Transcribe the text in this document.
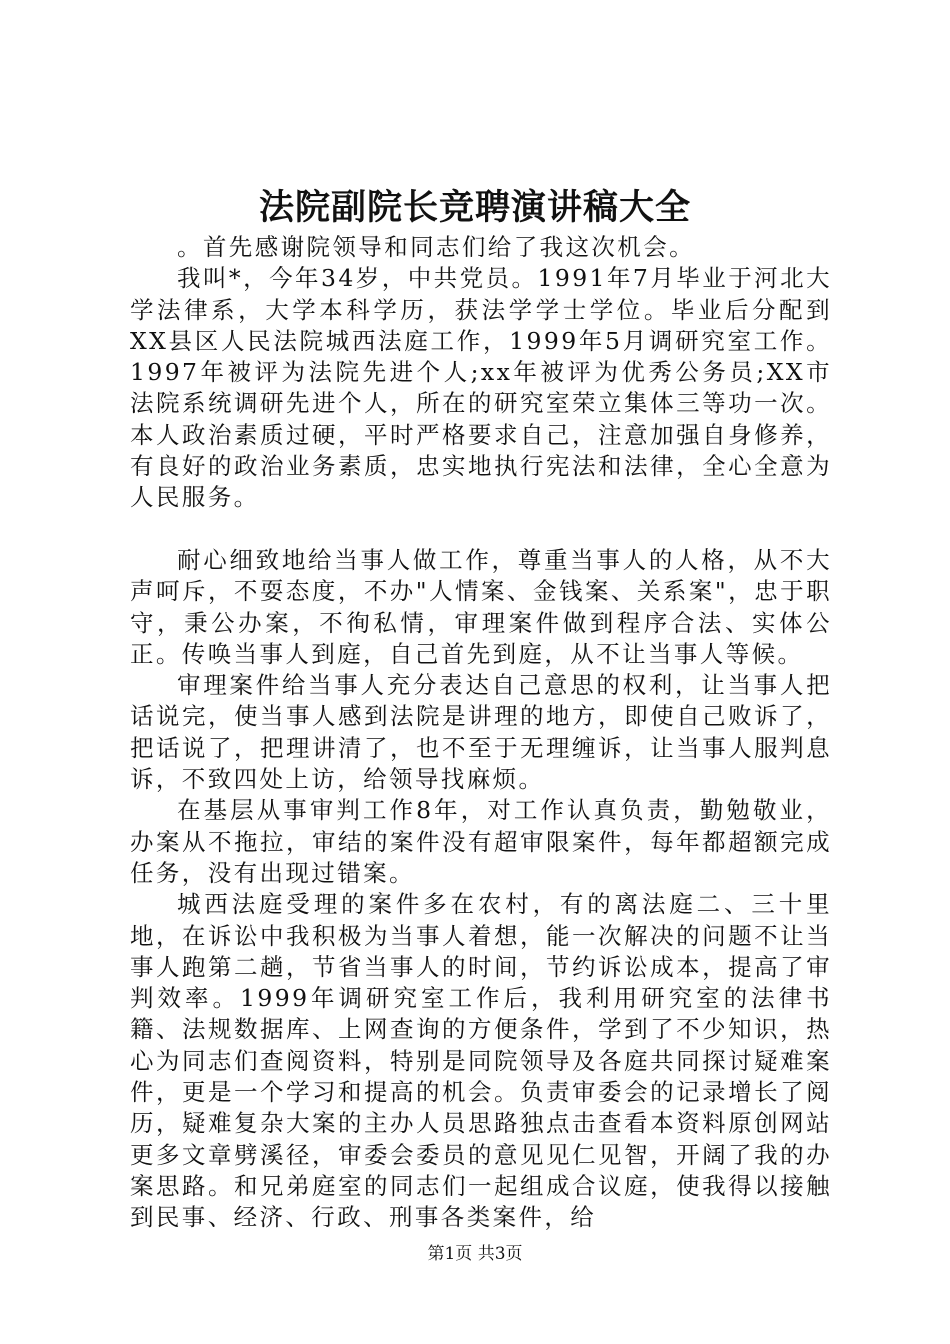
法院副院长竞聘演讲稿大全

。首先感谢院领导和同志们给了我这次机会。

我叫*，今年34岁，中共党员。1991年7月毕业于河北大学法律系，大学本科学历，获法学学士学位。毕业后分配到XX县区人民法院城西法庭工作，1999年5月调研究室工作。1997年被评为法院先进个人;xx年被评为优秀公务员;XX市法院系统调研先进个人，所在的研究室荣立集体三等功一次。本人政治素质过硬，平时严格要求自己，注意加强自身修养，有良好的政治业务素质，忠实地执行宪法和法律，全心全意为人民服务。

耐心细致地给当事人做工作，尊重当事人的人格，从不大声呵斥，不耍态度，不办"人情案、金钱案、关系案"，忠于职守，秉公办案，不徇私情，审理案件做到程序合法、实体公正。传唤当事人到庭，自己首先到庭，从不让当事人等候。

审理案件给当事人充分表达自己意思的权利，让当事人把话说完，使当事人感到法院是讲理的地方，即使自己败诉了，把话说了，把理讲清了，也不至于无理缠诉，让当事人服判息诉，不致四处上访，给领导找麻烦。

在基层从事审判工作8年，对工作认真负责，勤勉敬业，办案从不拖拉，审结的案件没有超审限案件，每年都超额完成任务，没有出现过错案。

城西法庭受理的案件多在农村，有的离法庭二、三十里地，在诉讼中我积极为当事人着想，能一次解决的问题不让当事人跑第二趟，节省当事人的时间，节约诉讼成本，提高了审判效率。1999年调研究室工作后，我利用研究室的法律书籍、法规数据库、上网查询的方便条件，学到了不少知识，热心为同志们查阅资料，特别是同院领导及各庭共同探讨疑难案件，更是一个学习和提高的机会。负责审委会的记录增长了阅历，疑难复杂大案的主办人员思路独点击查看本资料原创网站更多文章劈溪径，审委会委员的意见见仁见智，开阔了我的办案思路。和兄弟庭室的同志们一起组成合议庭，使我得以接触到民事、经济、行政、刑事各类案件，给

第1页 共3页
